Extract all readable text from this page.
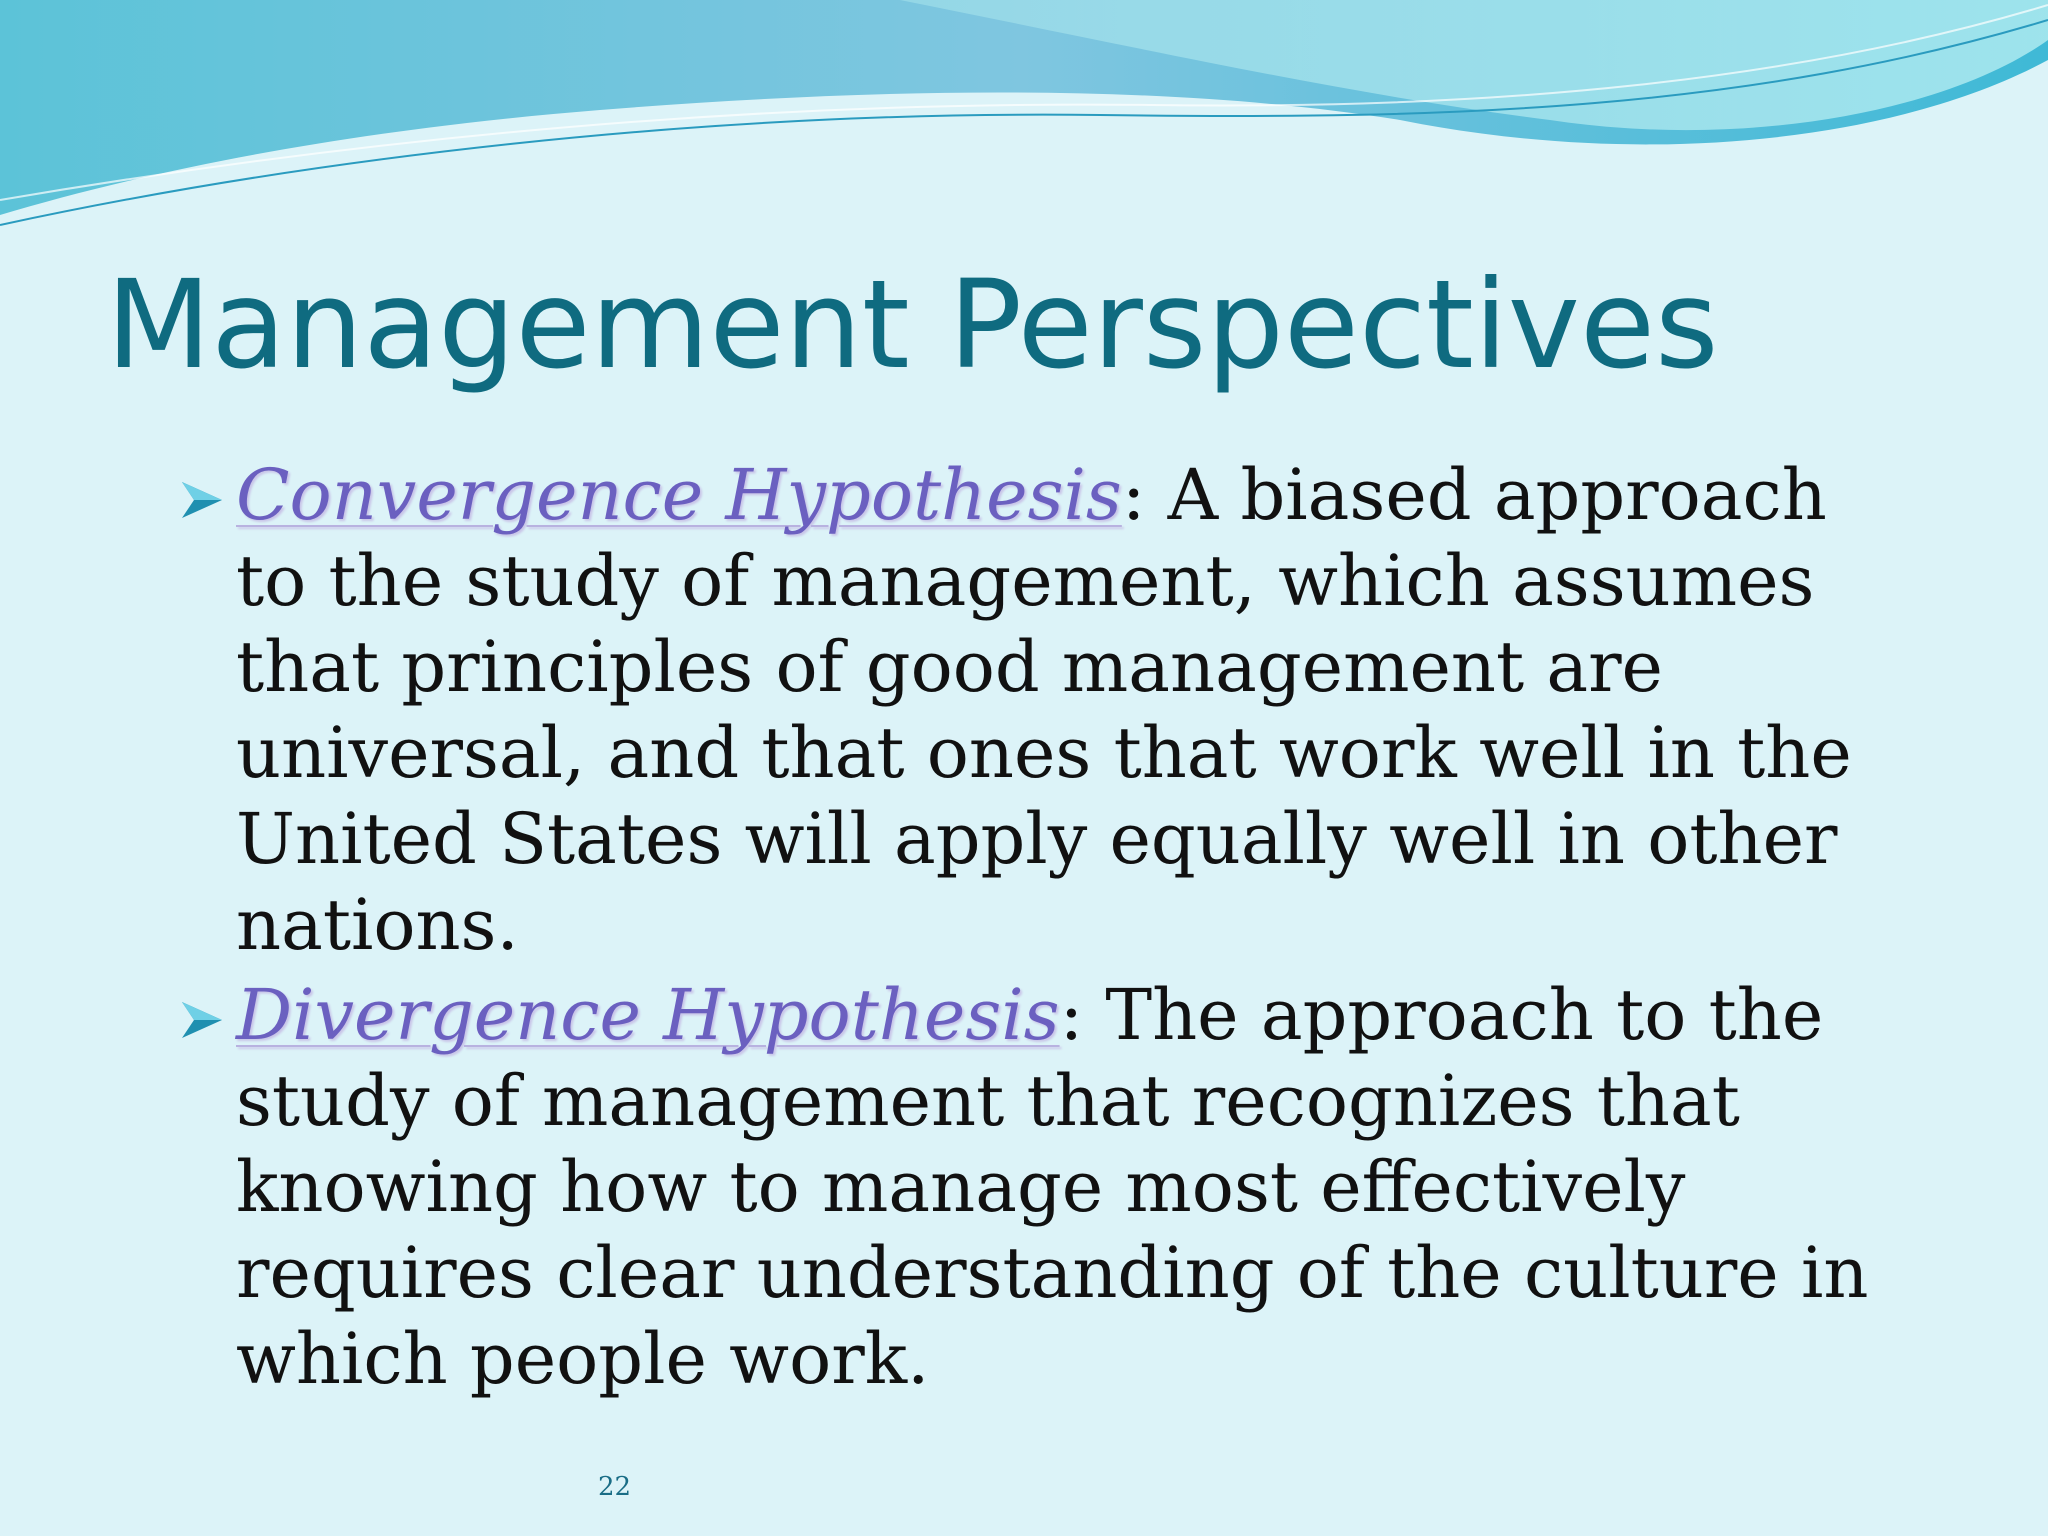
Management Perspectives
Convergence Hypothesis: A biased approach to the study of management, which assumes that principles of good management are universal, and that ones that work well in the United States will apply equally well in other nations.
Divergence Hypothesis: The approach to the study of management that recognizes that knowing how to manage most effectively requires clear understanding of the culture in which people work.
22
